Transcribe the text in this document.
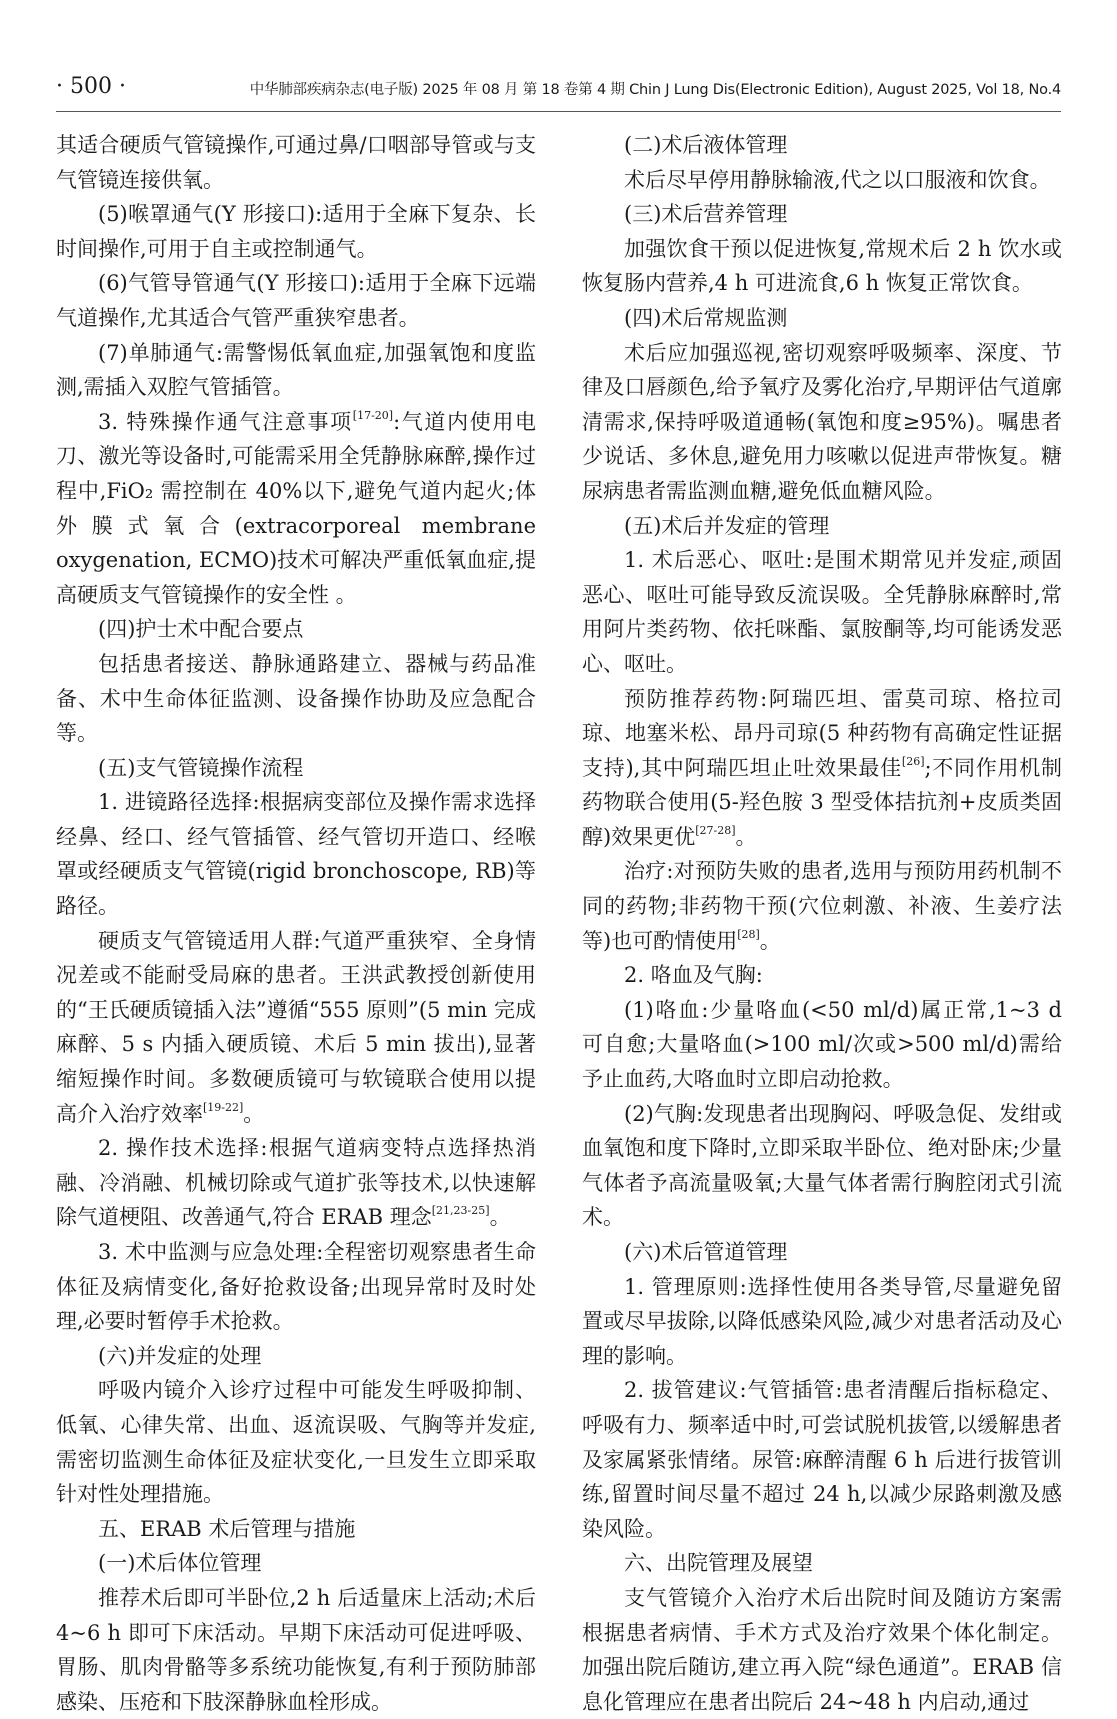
· 500 ·	中华肺部疾病杂志(电子版) 2025 年 08 月 第 18 卷第 4 期 Chin J Lung Dis(Electronic Edition), August 2025, Vol 18, No.4

其适合硬质气管镜操作,可通过鼻/口咽部导管或与支气管镜连接供氧。

(5)喉罩通气(Y 形接口):适用于全麻下复杂、长时间操作,可用于自主或控制通气。

(6)气管导管通气(Y 形接口):适用于全麻下远端气道操作,尤其适合气管严重狭窄患者。

(7)单肺通气:需警惕低氧血症,加强氧饱和度监测,需插入双腔气管插管。

3. 特殊操作通气注意事项[17-20]:气道内使用电刀、激光等设备时,可能需采用全凭静脉麻醉,操作过程中,FiO₂ 需控制在 40%以下,避免气道内起火;体外膜式氧合(extracorporeal membrane oxygenation, ECMO)技术可解决严重低氧血症,提高硬质支气管镜操作的安全性 。

(四)护士术中配合要点

包括患者接送、静脉通路建立、器械与药品准备、术中生命体征监测、设备操作协助及应急配合等。

(五)支气管镜操作流程

1. 进镜路径选择:根据病变部位及操作需求选择经鼻、经口、经气管插管、经气管切开造口、经喉罩或经硬质支气管镜(rigid bronchoscope, RB)等路径。

硬质支气管镜适用人群:气道严重狭窄、全身情况差或不能耐受局麻的患者。王洪武教授创新使用的“王氏硬质镜插入法”遵循“555 原则”(5 min 完成麻醉、5 s 内插入硬质镜、术后 5 min 拔出),显著缩短操作时间。多数硬质镜可与软镜联合使用以提高介入治疗效率[19-22]。

2. 操作技术选择:根据气道病变特点选择热消融、冷消融、机械切除或气道扩张等技术,以快速解除气道梗阻、改善通气,符合 ERAB 理念[21,23-25]。

3. 术中监测与应急处理:全程密切观察患者生命体征及病情变化,备好抢救设备;出现异常时及时处理,必要时暂停手术抢救。

(六)并发症的处理

呼吸内镜介入诊疗过程中可能发生呼吸抑制、低氧、心律失常、出血、返流误吸、气胸等并发症,需密切监测生命体征及症状变化,一旦发生立即采取针对性处理措施。

五、ERAB 术后管理与措施

(一)术后体位管理

推荐术后即可半卧位,2 h 后适量床上活动;术后 4~6 h 即可下床活动。早期下床活动可促进呼吸、胃肠、肌肉骨骼等多系统功能恢复,有利于预防肺部感染、压疮和下肢深静脉血栓形成。

(二)术后液体管理

术后尽早停用静脉输液,代之以口服液和饮食。

(三)术后营养管理

加强饮食干预以促进恢复,常规术后 2 h 饮水或恢复肠内营养,4 h 可进流食,6 h 恢复正常饮食。

(四)术后常规监测

术后应加强巡视,密切观察呼吸频率、深度、节律及口唇颜色,给予氧疗及雾化治疗,早期评估气道廓清需求,保持呼吸道通畅(氧饱和度≥95%)。嘱患者少说话、多休息,避免用力咳嗽以促进声带恢复。糖尿病患者需监测血糖,避免低血糖风险。

(五)术后并发症的管理

1. 术后恶心、呕吐:是围术期常见并发症,顽固恶心、呕吐可能导致反流误吸。全凭静脉麻醉时,常用阿片类药物、依托咪酯、氯胺酮等,均可能诱发恶心、呕吐。

预防推荐药物:阿瑞匹坦、雷莫司琼、格拉司琼、地塞米松、昂丹司琼(5 种药物有高确定性证据支持),其中阿瑞匹坦止吐效果最佳[26];不同作用机制药物联合使用(5-羟色胺 3 型受体拮抗剂+皮质类固醇)效果更优[27-28]。

治疗:对预防失败的患者,选用与预防用药机制不同的药物;非药物干预(穴位刺激、补液、生姜疗法等)也可酌情使用[28]。

2. 咯血及气胸:

(1)咯血:少量咯血(<50 ml/d)属正常,1~3 d 可自愈;大量咯血(>100 ml/次或>500 ml/d)需给予止血药,大咯血时立即启动抢救。

(2)气胸:发现患者出现胸闷、呼吸急促、发绀或血氧饱和度下降时,立即采取半卧位、绝对卧床;少量气体者予高流量吸氧;大量气体者需行胸腔闭式引流术。

(六)术后管道管理

1. 管理原则:选择性使用各类导管,尽量避免留置或尽早拔除,以降低感染风险,减少对患者活动及心理的影响。

2. 拔管建议:气管插管:患者清醒后指标稳定、呼吸有力、频率适中时,可尝试脱机拔管,以缓解患者及家属紧张情绪。尿管:麻醉清醒 6 h 后进行拔管训练,留置时间尽量不超过 24 h,以减少尿路刺激及感染风险。

六、出院管理及展望

支气管镜介入治疗术后出院时间及随访方案需根据患者病情、手术方式及治疗效果个体化制定。加强出院后随访,建立再入院“绿色通道”。ERAB 信息化管理应在患者出院后 24~48 h 内启动,通过
